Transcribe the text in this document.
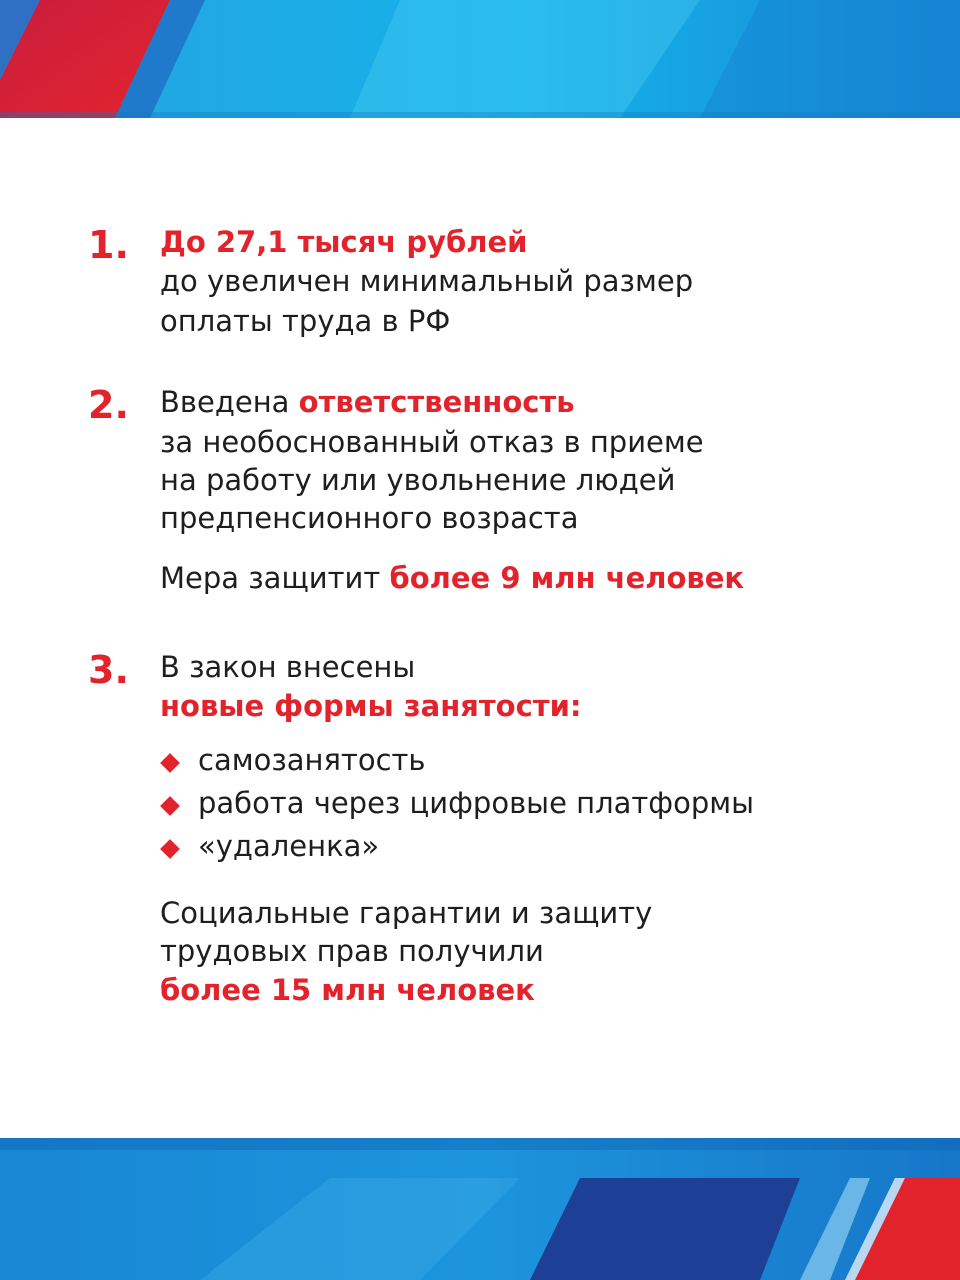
1. До 27,1 тысяч рублей
до увеличен минимальный размер
оплаты труда в РФ
2. Введена ответственность
за необоснованный отказ в приеме
на работу или увольнение людей
предпенсионного возраста
Мера защитит более 9 млн человек
3. В закон внесены
новые формы занятости:
самозанятость
работа через цифровые платформы
«удаленка»
Социальные гарантии и защиту
трудовых прав получили
более 15 млн человек
